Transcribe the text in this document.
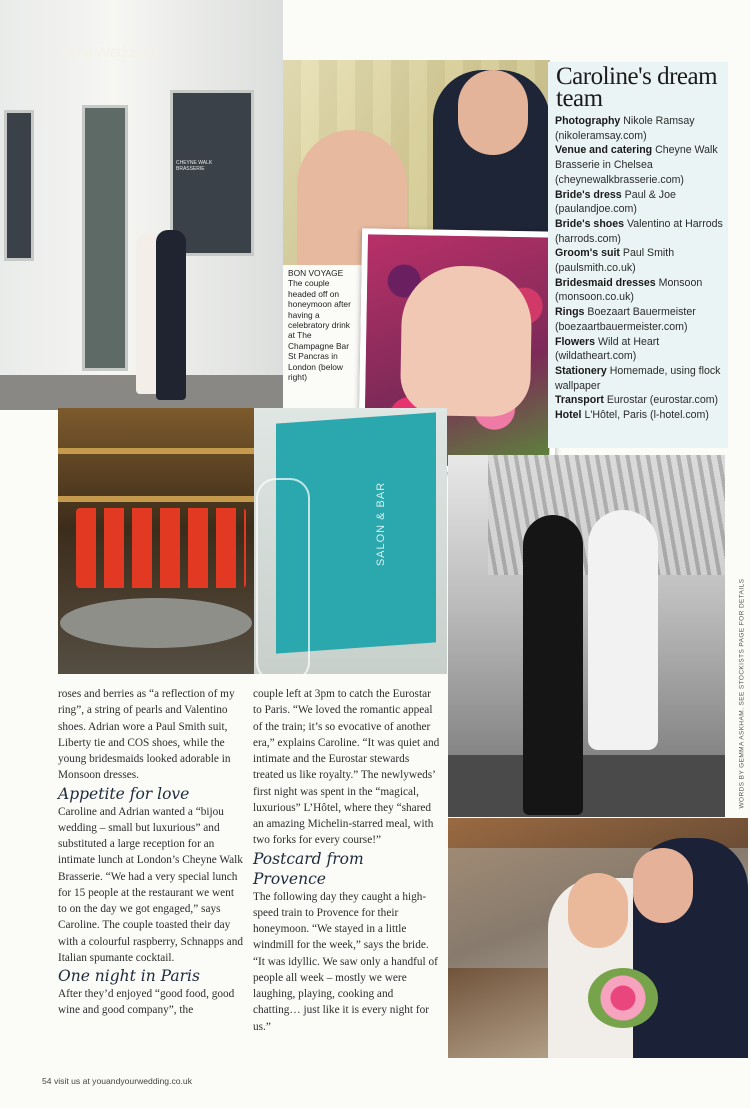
CHEYNE WALK BRASSERIE
Real Weddings
BON VOYAGE The couple headed off on honeymoon after having a celebratory drink at The Champagne Bar St Pancras in London (below right)
Caroline's dream team

Photography Nikole Ramsay (nikoleramsay.com)

Venue and catering Cheyne Walk Brasserie in Chelsea (cheynewalkbrasserie.com)

Bride's dress Paul & Joe (paulandjoe.com)

Bride's shoes Valentino at Harrods (harrods.com)

Groom's suit Paul Smith (paulsmith.co.uk)

Bridesmaid dresses Monsoon (monsoon.co.uk)

Rings Boezaart Bauermeister (boezaartbauermeister.com)

Flowers Wild at Heart (wildatheart.com)

Stationery Homemade, using flock wallpaper

Transport Eurostar (eurostar.com)

Hotel L'Hôtel, Paris (l-hotel.com)

SALON & BAR
WORDS BY GEMMA ASKHAM. SEE STOCKISTS PAGE FOR DETAILS

roses and berries as “a reflection of my ring”, a string of pearls and Valentino shoes. Adrian wore a Paul Smith suit, Liberty tie and COS shoes, while the young bridesmaids looked adorable in Monsoon dresses.

Appetite for love

Caroline and Adrian wanted a “bijou wedding – small but luxurious” and substituted a large reception for an intimate lunch at London’s Cheyne Walk Brasserie. “We had a very special lunch for 15 people at the restaurant we went to on the day we got engaged,” says Caroline. The couple toasted their day with a colourful raspberry, Schnapps and Italian spumante cocktail.

One night in Paris

After they’d enjoyed “good food, good wine and good company”, the

couple left at 3pm to catch the Eurostar to Paris. “We loved the romantic appeal of the train; it’s so evocative of another era,” explains Caroline. “It was quiet and intimate and the Eurostar stewards treated us like royalty.” The newlyweds’ first night was spent in the “magical, luxurious” L’Hôtel, where they “shared an amazing Michelin-starred meal, with two forks for every course!”

Postcard from Provence

The following day they caught a high-speed train to Provence for their honeymoon. “We stayed in a little windmill for the week,” says the bride. “It was idyllic. We saw only a handful of people all week – mostly we were laughing, playing, cooking and chatting… just like it is every night for us.”

54 visit us at youandyourwedding.co.uk
